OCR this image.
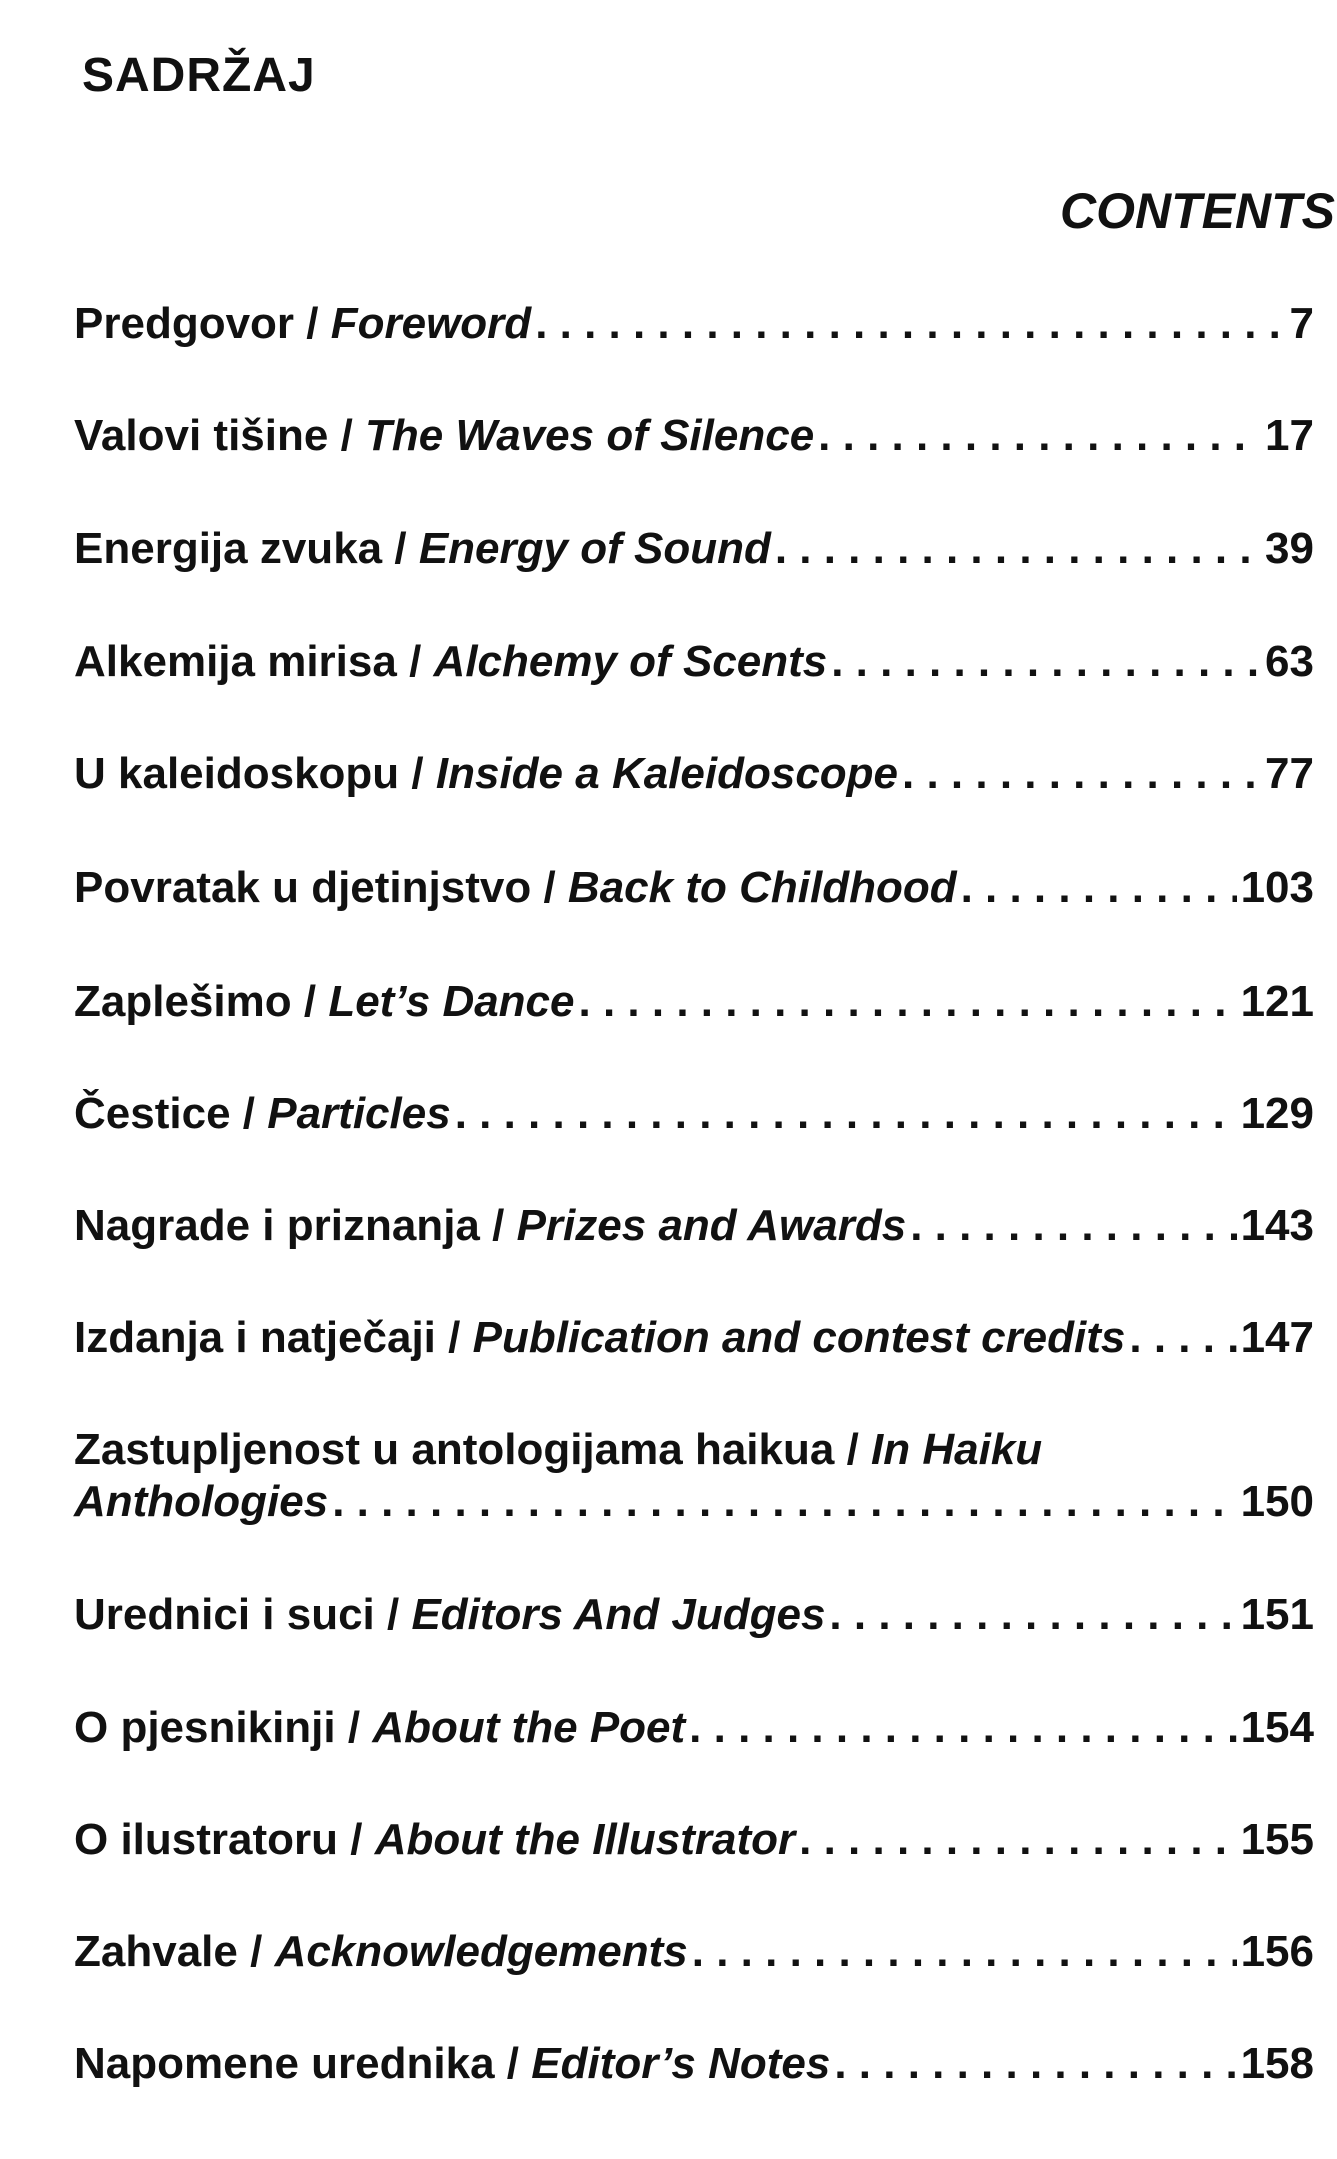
SADRŽAJ
CONTENTS
Predgovor / Foreword . . .	7
Valovi tišine / The Waves of Silence . . .	17
Energija zvuka / Energy of Sound . . .	39
Alkemija mirisa / Alchemy of Scents . . .	63
U kaleidoskopu / Inside a Kaleidoscope . . .	77
Povratak u djetinjstvo / Back to Childhood . . .	103
Zaplešimo / Let’s Dance . . .	121
Čestice / Particles . . .	129
Nagrade i priznanja / Prizes and Awards . . .	143
Izdanja i natječaji / Publication and contest credits . . .	147
Zastupljenost u antologijama haikua / In Haiku
Anthologies . . .	150
Urednici i suci / Editors And Judges . . .	151
O pjesnikinji / About the Poet . . .	154
O ilustratoru / About the Illustrator . . .	155
Zahvale / Acknowledgements . . .	156
Napomene urednika / Editor’s Notes . . .	158
